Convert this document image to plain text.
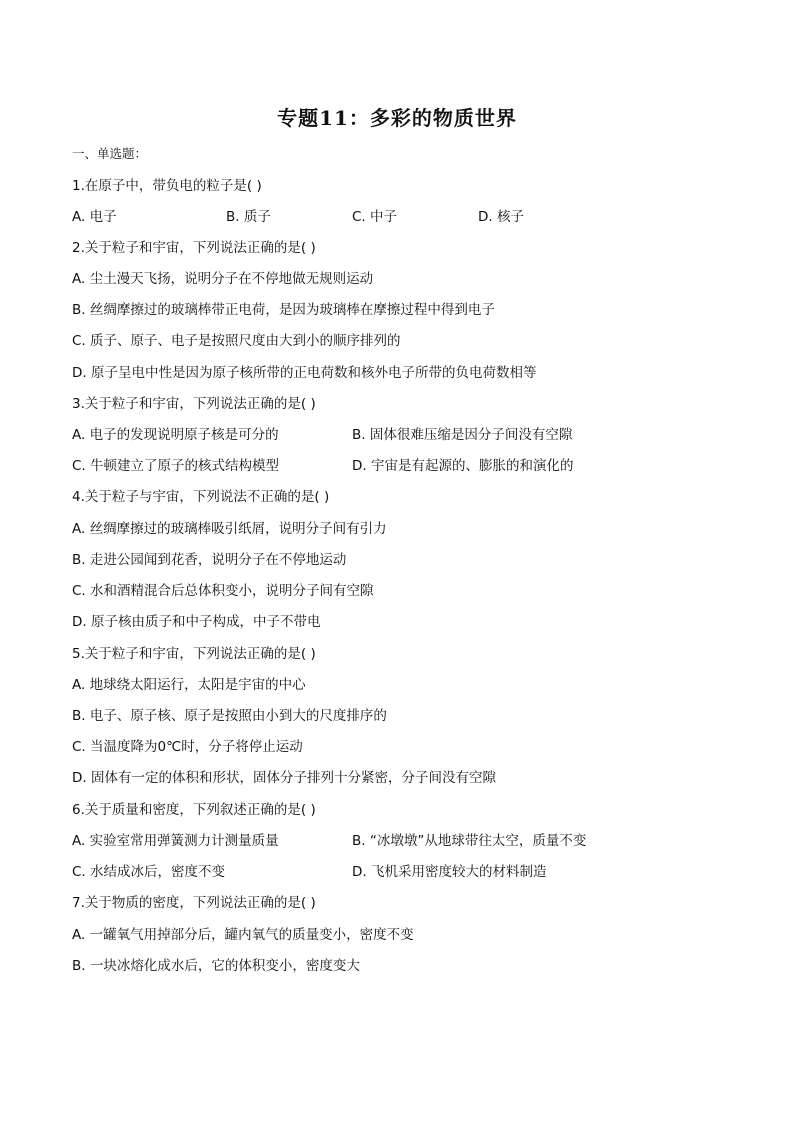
专题11：多彩的物质世界
一、单选题：
1.在原子中，带负电的粒子是( )
A. 电子	B. 质子	C. 中子	D. 核子
2.关于粒子和宇宙，下列说法正确的是( )
A. 尘土漫天飞扬，说明分子在不停地做无规则运动
B. 丝绸摩擦过的玻璃棒带正电荷，是因为玻璃棒在摩擦过程中得到电子
C. 质子、原子、电子是按照尺度由大到小的顺序排列的
D. 原子呈电中性是因为原子核所带的正电荷数和核外电子所带的负电荷数相等
3.关于粒子和宇宙，下列说法正确的是( )
A. 电子的发现说明原子核是可分的	B. 固体很难压缩是因分子间没有空隙
C. 牛顿建立了原子的核式结构模型	D. 宇宙是有起源的、膨胀的和演化的
4.关于粒子与宇宙，下列说法不正确的是( )
A. 丝绸摩擦过的玻璃棒吸引纸屑，说明分子间有引力
B. 走进公园闻到花香，说明分子在不停地运动
C. 水和酒精混合后总体积变小，说明分子间有空隙
D. 原子核由质子和中子构成，中子不带电
5.关于粒子和宇宙，下列说法正确的是( )
A. 地球绕太阳运行，太阳是宇宙的中心
B. 电子、原子核、原子是按照由小到大的尺度排序的
C. 当温度降为0℃时，分子将停止运动
D. 固体有一定的体积和形状，固体分子排列十分紧密，分子间没有空隙
6.关于质量和密度，下列叙述正确的是( )
A. 实验室常用弹簧测力计测量质量	B. “冰墩墩”从地球带往太空，质量不变
C. 水结成冰后，密度不变	D. 飞机采用密度较大的材料制造
7.关于物质的密度，下列说法正确的是( )
A. 一罐氧气用掉部分后，罐内氧气的质量变小，密度不变
B. 一块冰熔化成水后，它的体积变小，密度变大
